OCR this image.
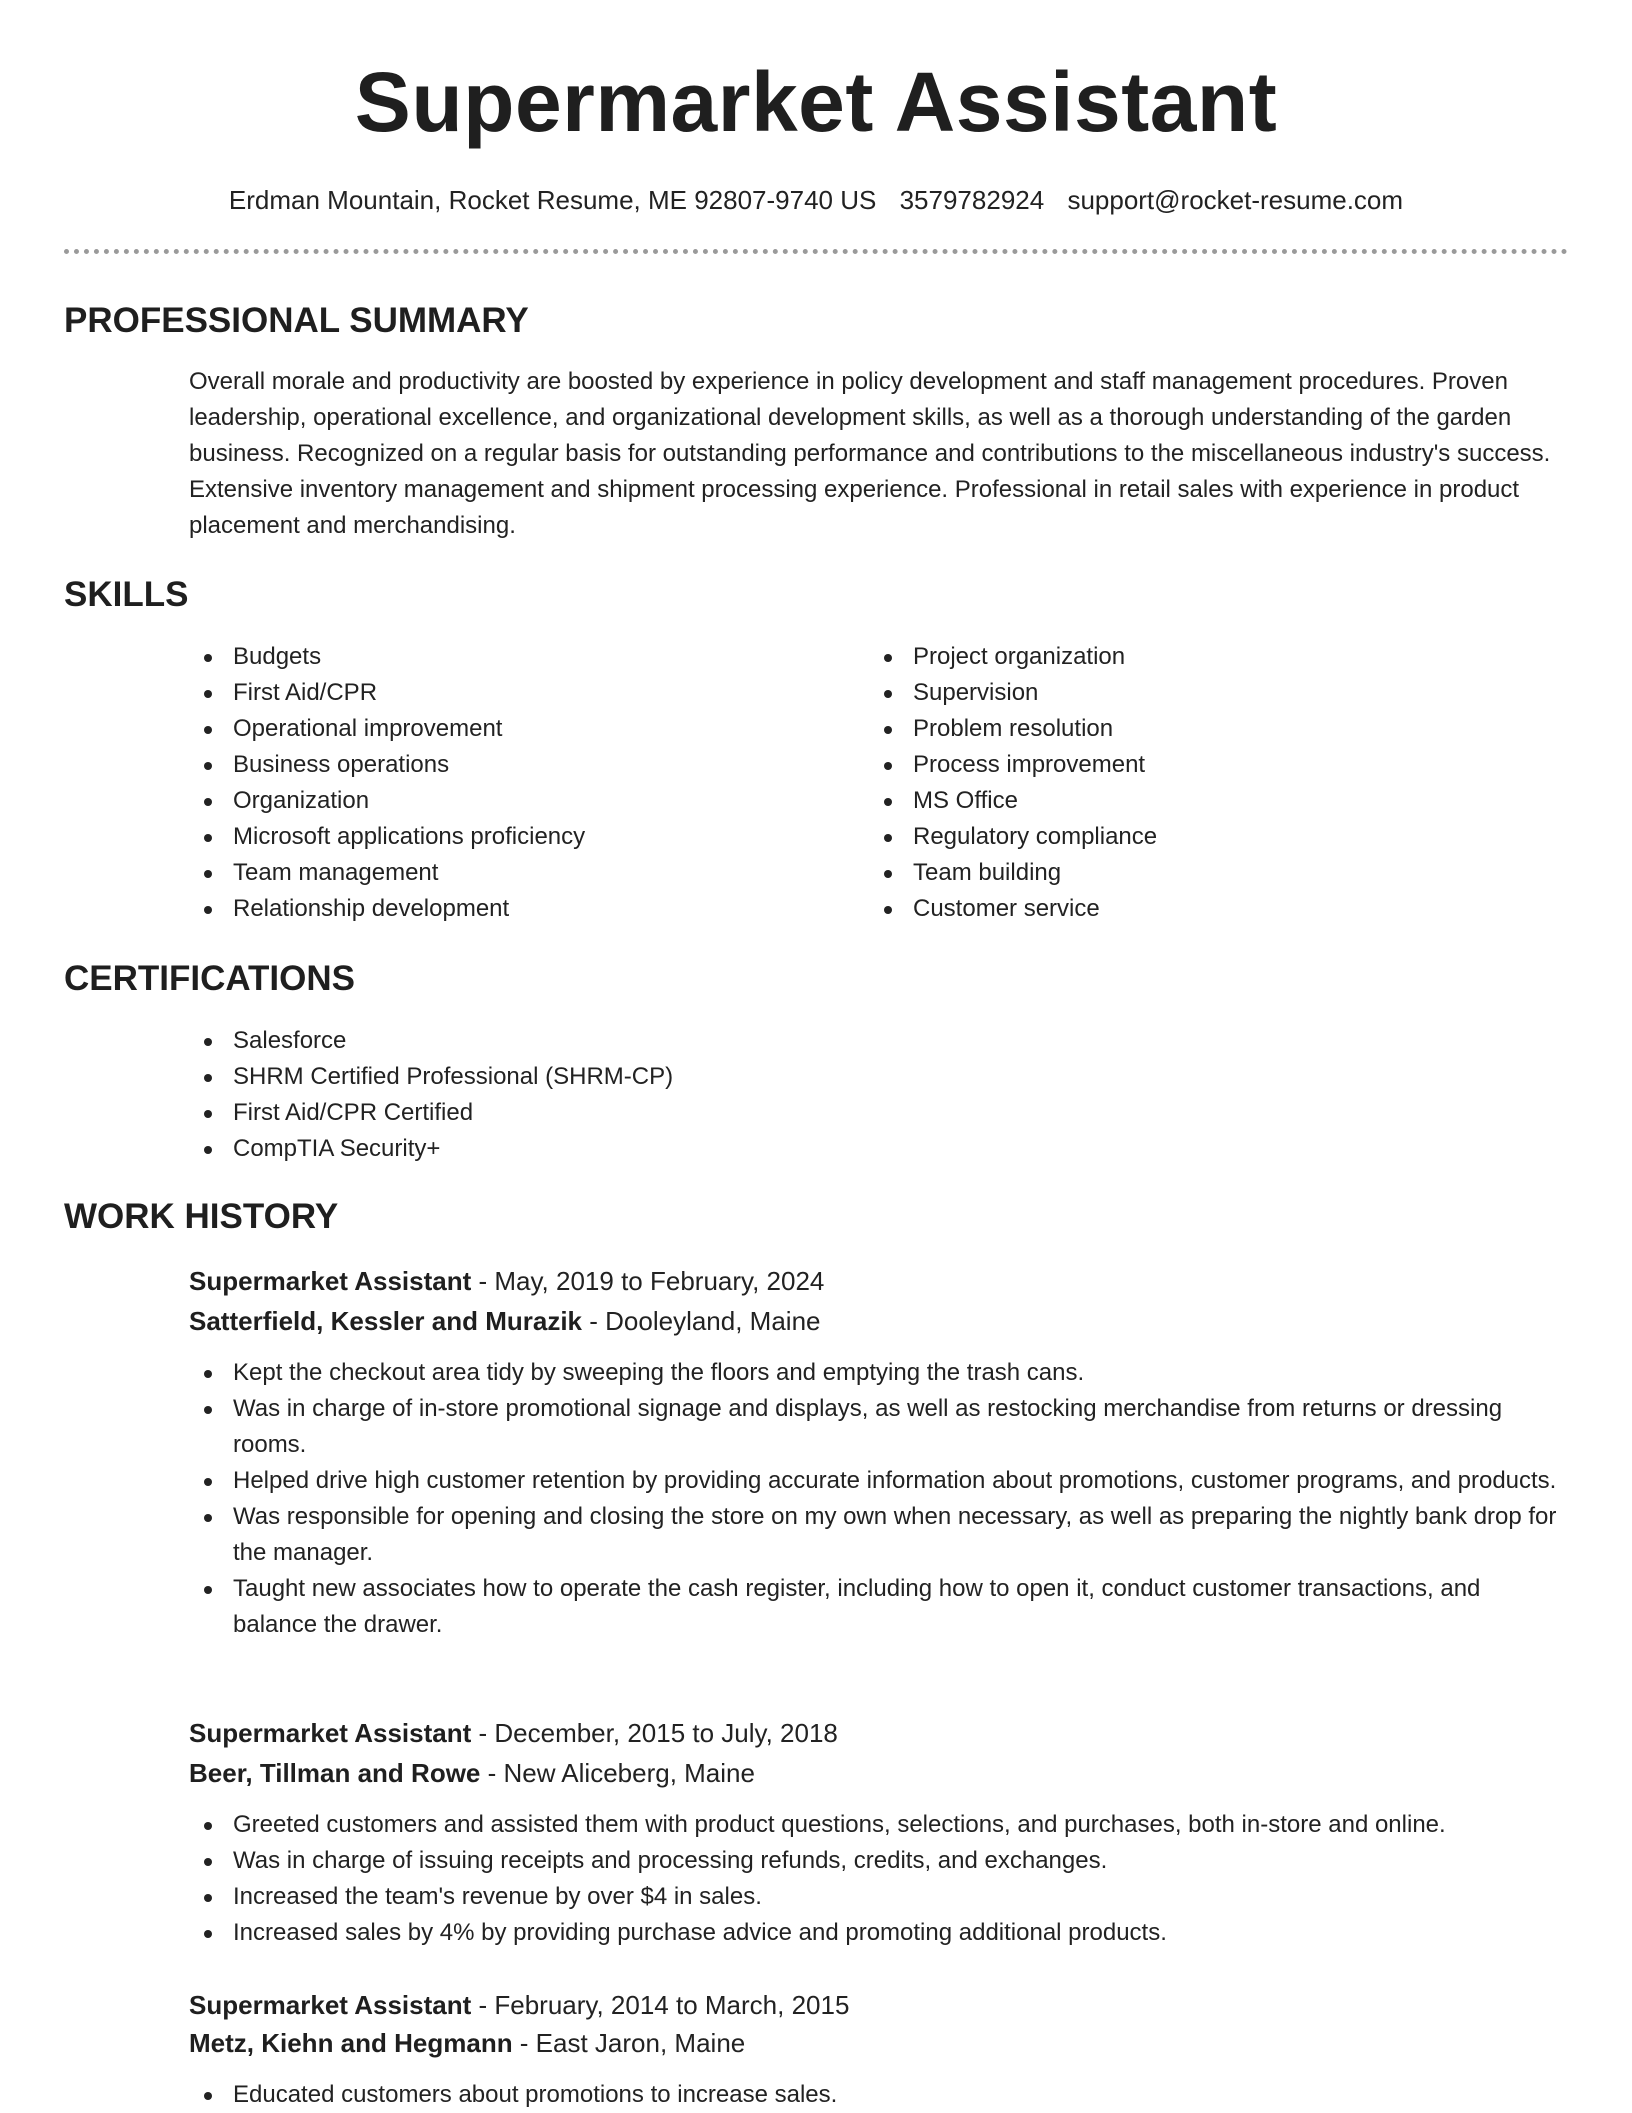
Supermarket Assistant
Erdman Mountain, Rocket Resume, ME 92807-9740 US 3579782924 support@rocket-resume.com
PROFESSIONAL SUMMARY

Overall morale and productivity are boosted by experience in policy development and staff management procedures. Proven leadership, operational excellence, and organizational development skills, as well as a thorough understanding of the garden business. Recognized on a regular basis for outstanding performance and contributions to the miscellaneous industry's success. Extensive inventory management and shipment processing experience. Professional in retail sales with experience in product placement and merchandising.

SKILLS
Budgets
First Aid/CPR
Operational improvement
Business operations
Organization
Microsoft applications proficiency
Team management
Relationship development
Project organization
Supervision
Problem resolution
Process improvement
MS Office
Regulatory compliance
Team building
Customer service
CERTIFICATIONS
Salesforce
SHRM Certified Professional (SHRM-CP)
First Aid/CPR Certified
CompTIA Security+
WORK HISTORY
Supermarket Assistant - May, 2019 to February, 2024
Satterfield, Kessler and Murazik - Dooleyland, Maine
Kept the checkout area tidy by sweeping the floors and emptying the trash cans.
Was in charge of in-store promotional signage and displays, as well as restocking merchandise from returns or dressing rooms.
Helped drive high customer retention by providing accurate information about promotions, customer programs, and products.
Was responsible for opening and closing the store on my own when necessary, as well as preparing the nightly bank drop for the manager.
Taught new associates how to operate the cash register, including how to open it, conduct customer transactions, and balance the drawer.
Supermarket Assistant - December, 2015 to July, 2018
Beer, Tillman and Rowe - New Aliceberg, Maine
Greeted customers and assisted them with product questions, selections, and purchases, both in-store and online.
Was in charge of issuing receipts and processing refunds, credits, and exchanges.
Increased the team's revenue by over $4 in sales.
Increased sales by 4% by providing purchase advice and promoting additional products.
Supermarket Assistant - February, 2014 to March, 2015
Metz, Kiehn and Hegmann - East Jaron, Maine
Educated customers about promotions to increase sales.
